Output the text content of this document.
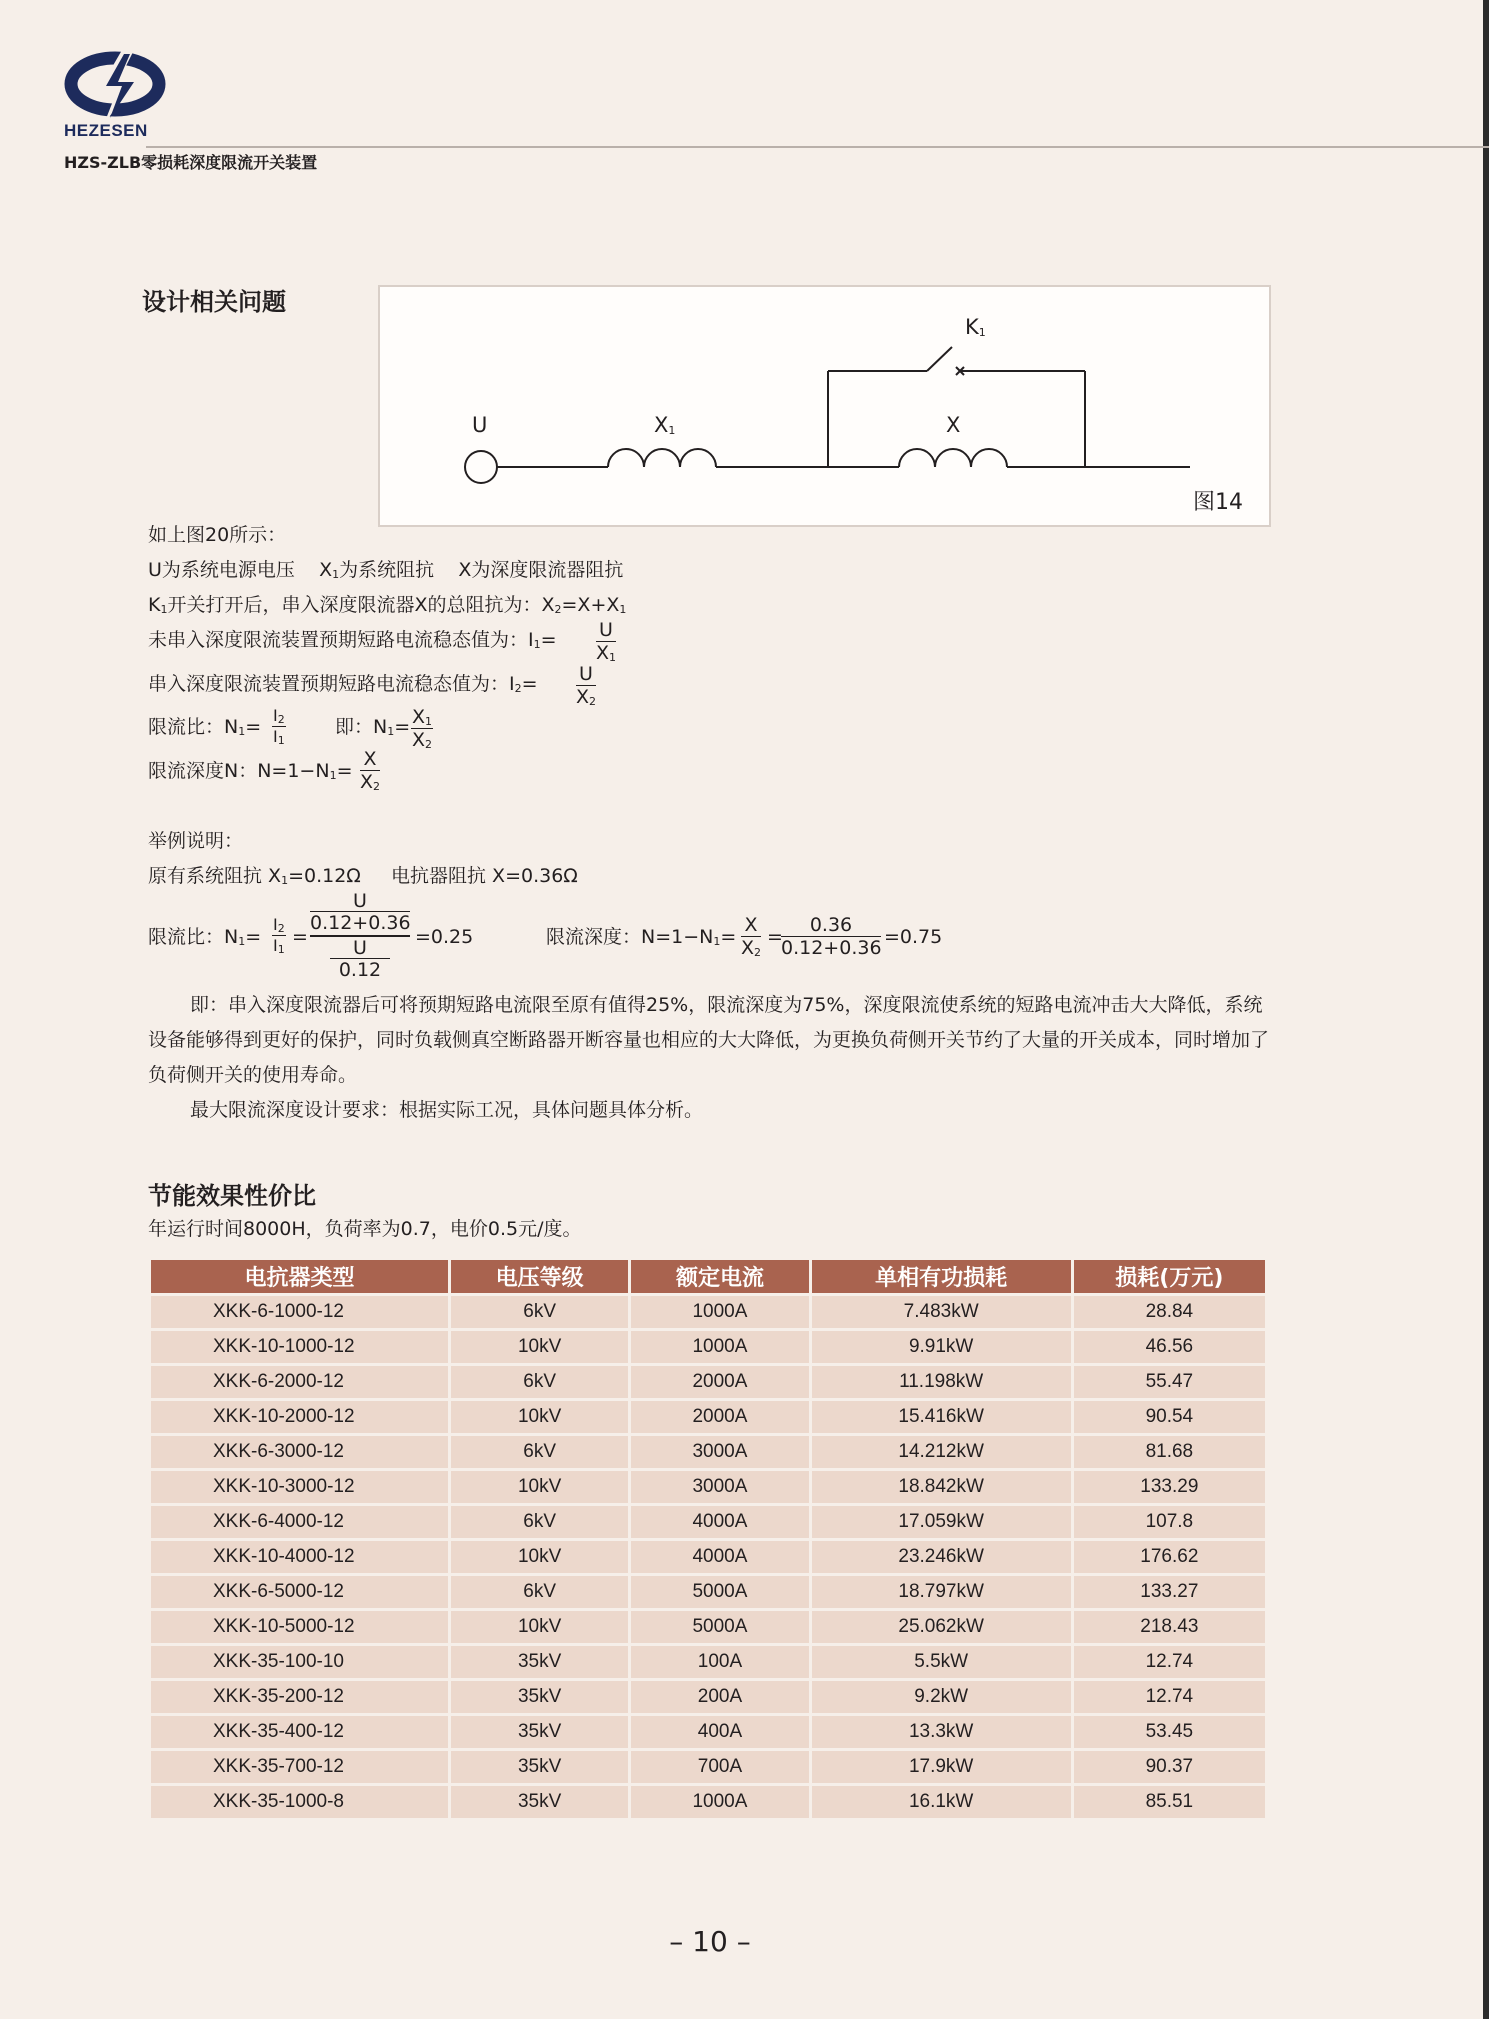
HEZESEN
HZS-ZLB零损耗深度限流开关装置
设计相关问题
$K_1$
U	$X_1$	X
图14
如上图20所示：
U为系统电源电压 $X_1$为系统阻抗 X为深度限流器阻抗
$K_1$开关打开后，串入深度限流器X的总阻抗为：$X_2=X+X_1$
未串入深度限流装置预期短路电流稳态值为：$I_1= \frac{U}{X_1}$
串入深度限流装置预期短路电流稳态值为：$I_2= \frac{U}{X_2}$
限流比：$N_1= \frac{I_2}{I_1}$	即：$N_1= \frac{X_1}{X_2}$
限流深度N：$N=1-N_1= \frac{X}{X_2}$
举例说明：
原有系统阻抗 $X_1=0.12\Omega$ 电抗器阻抗 X=0.36Ω
限流比：$N_1= \frac{I_2}{I_1}$ =
U
0.12+0.36
U
0.12
=0.25	限流深度：$N=1-N_1= \frac{X}{X_2}$ =
$\frac{0.36}{0.12+0.36} =0.75$
即：串入深度限流器后可将预期短路电流限至原有值得25%，限流深度为75%，深度限流使系统的短路电流冲击大大降低，系统设备能够得到更好的保护，同时负载侧真空断路器开断容量也相应的大大降低，为更换负荷侧开关节约了大量的开关成本，同时增加了负荷侧开关的使用寿命。
最大限流深度设计要求：根据实际工况，具体问题具体分析。
节能效果性价比
年运行时间8000H，负荷率为0.7，电价0.5元/度。
电抗器类型	电压等级	额定电流	单相有功损耗	损耗(万元)
XKK-6-1000-12	6kV	1000A	7.483kW	28.84
XKK-10-1000-12	10kV	1000A	9.91kW	46.56
XKK-6-2000-12	6kV	2000A	11.198kW	55.47
XKK-10-2000-12	10kV	2000A	15.416kW	90.54
XKK-6-3000-12	6kV	3000A	14.212kW	81.68
XKK-10-3000-12	10kV	3000A	18.842kW	133.29
XKK-6-4000-12	6kV	4000A	17.059kW	107.8
XKK-10-4000-12	10kV	4000A	23.246kW	176.62
XKK-6-5000-12	6kV	5000A	18.797kW	133.27
XKK-10-5000-12	10kV	5000A	25.062kW	218.43
XKK-35-100-10	35kV	100A	5.5kW	12.74
XKK-35-200-12	35kV	200A	9.2kW	12.74
XKK-35-400-12	35kV	400A	13.3kW	53.45
XKK-35-700-12	35kV	700A	17.9kW	90.37
XKK-35-1000-8	35kV	1000A	16.1kW	85.51
– 10 –
